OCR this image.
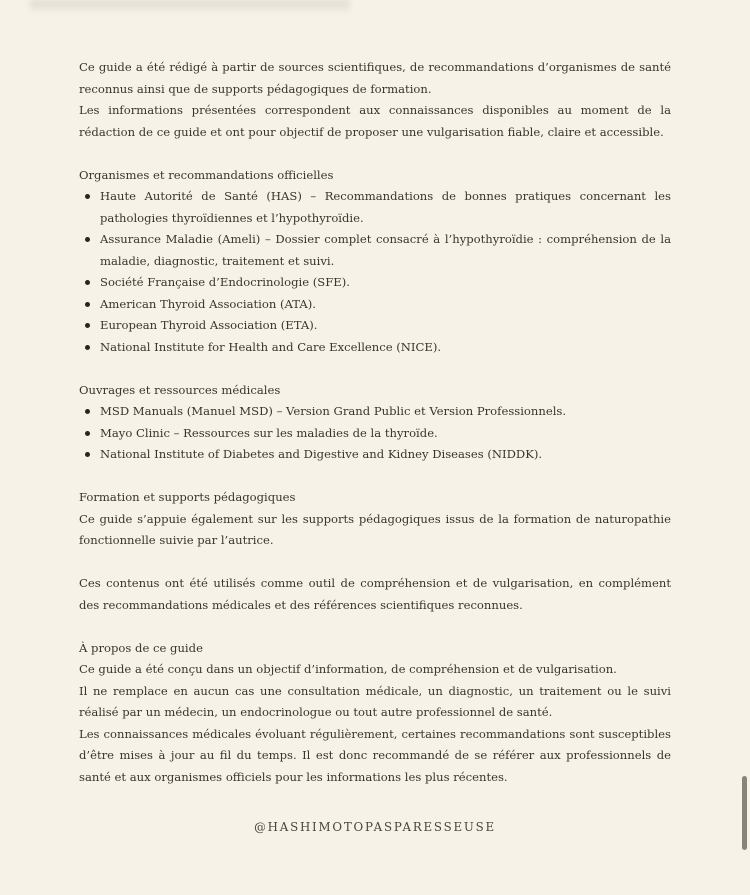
Ce guide a été rédigé à partir de sources scientifiques, de recommandations d’organismes de santé reconnus ainsi que de supports pédagogiques de formation.

Les informations présentées correspondent aux connaissances disponibles au moment de la rédaction de ce guide et ont pour objectif de proposer une vulgarisation fiable, claire et accessible.

Organismes et recommandations officielles

Haute Autorité de Santé (HAS) – Recommandations de bonnes pratiques concernant les pathologies thyroïdiennes et l’hypothyroïdie.
Assurance Maladie (Ameli) – Dossier complet consacré à l’hypothyroïdie : compréhension de la maladie, diagnostic, traitement et suivi.
Société Française d’Endocrinologie (SFE).
American Thyroid Association (ATA).
European Thyroid Association (ETA).
National Institute for Health and Care Excellence (NICE).

Ouvrages et ressources médicales

MSD Manuals (Manuel MSD) – Version Grand Public et Version Professionnels.
Mayo Clinic – Ressources sur les maladies de la thyroïde.
National Institute of Diabetes and Digestive and Kidney Diseases (NIDDK).

Formation et supports pédagogiques

Ce guide s’appuie également sur les supports pédagogiques issus de la formation de naturopathie fonctionnelle suivie par l’autrice.

Ces contenus ont été utilisés comme outil de compréhension et de vulgarisation, en complément des recommandations médicales et des références scientifiques reconnues.

À propos de ce guide

Ce guide a été conçu dans un objectif d’information, de compréhension et de vulgarisation.

Il ne remplace en aucun cas une consultation médicale, un diagnostic, un traitement ou le suivi réalisé par un médecin, un endocrinologue ou tout autre professionnel de santé.

Les connaissances médicales évoluant régulièrement, certaines recommandations sont susceptibles d’être mises à jour au fil du temps. Il est donc recommandé de se référer aux professionnels de santé et aux organismes officiels pour les informations les plus récentes.

@HASHIMOTOPASPARESSEUSE
